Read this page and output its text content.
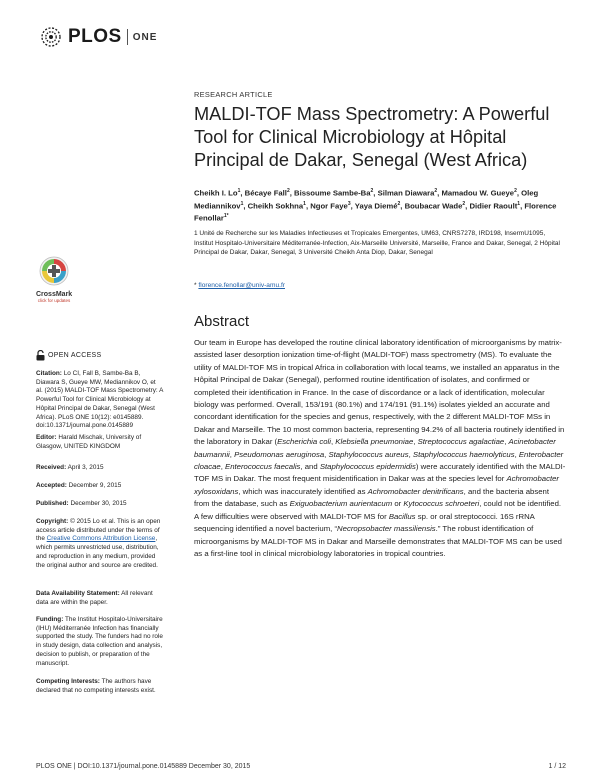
PLOS ONE
RESEARCH ARTICLE
MALDI-TOF Mass Spectrometry: A Powerful Tool for Clinical Microbiology at Hôpital Principal de Dakar, Senegal (West Africa)
Cheikh I. Lo$^1$, Bécaye Fall$^2$, Bissoume Sambe-Ba$^2$, Silman Diawara$^2$, Mamadou W. Gueye$^2$, Oleg Mediannikov$^1$, Cheikh Sokhna$^1$, Ngor Faye$^3$, Yaya Diemé$^2$, Boubacar Wade$^2$, Didier Raoult$^1$, Florence Fenollar$^{1*}$
1 Unité de Recherche sur les Maladies Infectieuses et Tropicales Emergentes, UM63, CNRS7278, IRD198, InsermU1095, Institut Hospitalo-Universitaire Méditerranée-Infection, Aix-Marseille Université, Marseille, France and Dakar, Senegal, 2 Hôpital Principal de Dakar, Dakar, Senegal, 3 Université Cheikh Anta Diop, Dakar, Senegal
* florence.fenollar@univ-amu.fr
Abstract
Our team in Europe has developed the routine clinical laboratory identification of microorganisms by matrix-assisted laser desorption ionization time-of-flight (MALDI-TOF) mass spectrometry (MS). To evaluate the utility of MALDI-TOF MS in tropical Africa in collaboration with local teams, we installed an apparatus in the Hôpital Principal de Dakar (Senegal), performed routine identification of isolates, and confirmed or completed their identification in France. In the case of discordance or a lack of identification, molecular biology was performed. Overall, 153/191 (80.1%) and 174/191 (91.1%) isolates yielded an accurate and concordant identification for the species and genus, respectively, with the 2 different MALDI-TOF MSs in Dakar and Marseille. The 10 most common bacteria, representing 94.2% of all bacteria routinely identified in the laboratory in Dakar (Escherichia coli, Klebsiella pneumoniae, Streptococcus agalactiae, Acinetobacter baumannii, Pseudomonas aeruginosa, Staphylococcus aureus, Staphylococcus haemolyticus, Enterobacter cloacae, Enterococcus faecalis, and Staphylococcus epidermidis) were accurately identified with the MALDI-TOF MS in Dakar. The most frequent misidentification in Dakar was at the species level for Achromobacter xylosoxidans, which was inaccurately identified as Achromobacter denitrificans, and the bacteria absent from the database, such as Exiguobacterium aurientacum or Kytococcus schroeteri, could not be identified. A few difficulties were observed with MALDI-TOF MS for Bacillus sp. or oral streptococci. 16S rRNA sequencing identified a novel bacterium, “Necropsobacter massiliensis.” The robust identification of microorganisms by MALDI-TOF MS in Dakar and Marseille demonstrates that MALDI-TOF MS can be used as a first-line tool in clinical microbiology laboratories in tropical countries.
CrossMark
click for updates
OPEN ACCESS
Citation: Lo CI, Fall B, Sambe-Ba B, Diawara S, Gueye MW, Mediannikov O, et al. (2015) MALDI-TOF Mass Spectrometry: A Powerful Tool for Clinical Microbiology at Hôpital Principal de Dakar, Senegal (West Africa). PLoS ONE 10(12): e0145889. doi:10.1371/journal.pone.0145889
Editor: Harald Mischak, University of Glasgow, UNITED KINGDOM
Received: April 3, 2015
Accepted: December 9, 2015
Published: December 30, 2015
Copyright: © 2015 Lo et al. This is an open access article distributed under the terms of the Creative Commons Attribution License, which permits unrestricted use, distribution, and reproduction in any medium, provided the original author and source are credited.
Data Availability Statement: All relevant data are within the paper.
Funding: The Institut Hospitalo-Universitaire (IHU) Méditerranée Infection has financially supported the study. The funders had no role in study design, data collection and analysis, decision to publish, or preparation of the manuscript.
Competing Interests: The authors have declared that no competing interests exist.
PLOS ONE | DOI:10.1371/journal.pone.0145889 December 30, 2015	1 / 12
